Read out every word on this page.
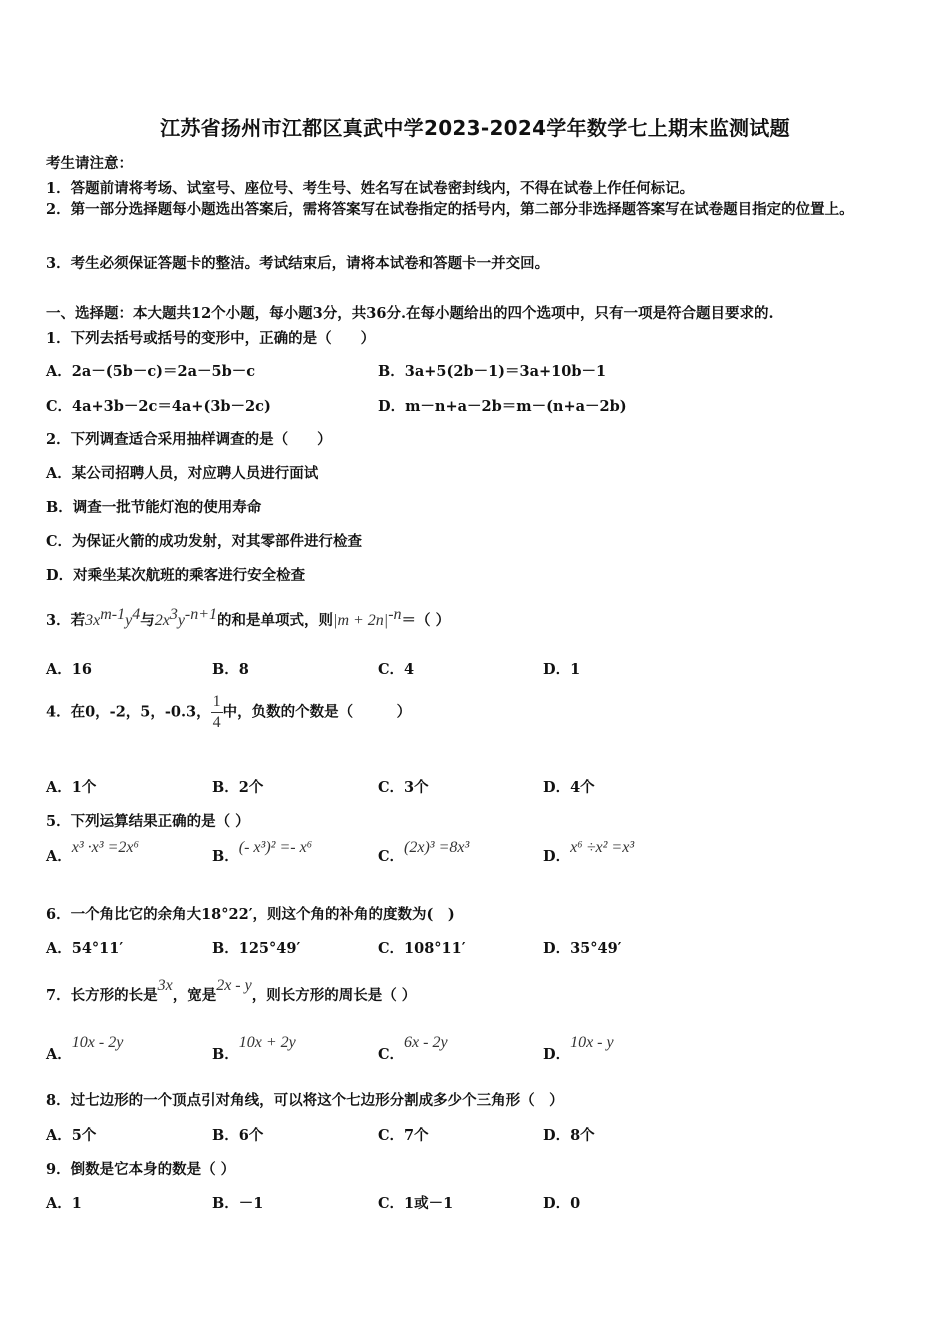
江苏省扬州市江都区真武中学2023-2024学年数学七上期末监测试题
考生请注意：
1．答题前请将考场、试室号、座位号、考生号、姓名写在试卷密封线内，不得在试卷上作任何标记。
2．第一部分选择题每小题选出答案后，需将答案写在试卷指定的括号内，第二部分非选择题答案写在试卷题目指定的位置上。
3．考生必须保证答题卡的整洁。考试结束后，请将本试卷和答题卡一并交回。
一、选择题：本大题共12个小题，每小题3分，共36分.在每小题给出的四个选项中，只有一项是符合题目要求的.
1．下列去括号或括号的变形中，正确的是（　　）
A．2a－(5b－c)＝2a－5b－c	B．3a+5(2b－1)＝3a+10b－1
C．4a+3b－2c＝4a+(3b－2c)	D．m－n+a－2b＝m－(n+a－2b)
2．下列调查适合采用抽样调查的是（　　）
A．某公司招聘人员，对应聘人员进行面试
B．调查一批节能灯泡的使用寿命
C．为保证火箭的成功发射，对其零部件进行检查
D．对乘坐某次航班的乘客进行安全检查
3．若$3x^{m-1}y^4$与$2x^3y^{-n+1}$的和是单项式，则$|m + 2n|^{-n}=$（ ）
A．16	B．8	C．4	D．1
4．在0，-2，5，-0.3， $\frac{1}{4}$ 中，负数的个数是（　　　）
A．1个	B．2个	C．3个	D．4个
5．下列运算结果正确的是（ ）
A．x³ ·x³ =2x⁶
B．(- x³)² =- x⁶
C．(2x)³ =8x³
D．x⁶ ÷x² =x³
6．一个角比它的余角大18°22′，则这个角的补角的度数为(　)
A．54°11′	B．125°49′	C．108°11′	D．35°49′
7．长方形的长是3x，宽是2x - y，则长方形的周长是（ ）
A．10x - 2y
B．10x + 2y
C．6x - 2y
D．10x - y
8．过七边形的一个顶点引对角线，可以将这个七边形分割成多少个三角形（　）
A．5个	B．6个	C．7个	D．8个
9．倒数是它本身的数是（ ）
A．1	B．－1	C．1或－1	D．0
